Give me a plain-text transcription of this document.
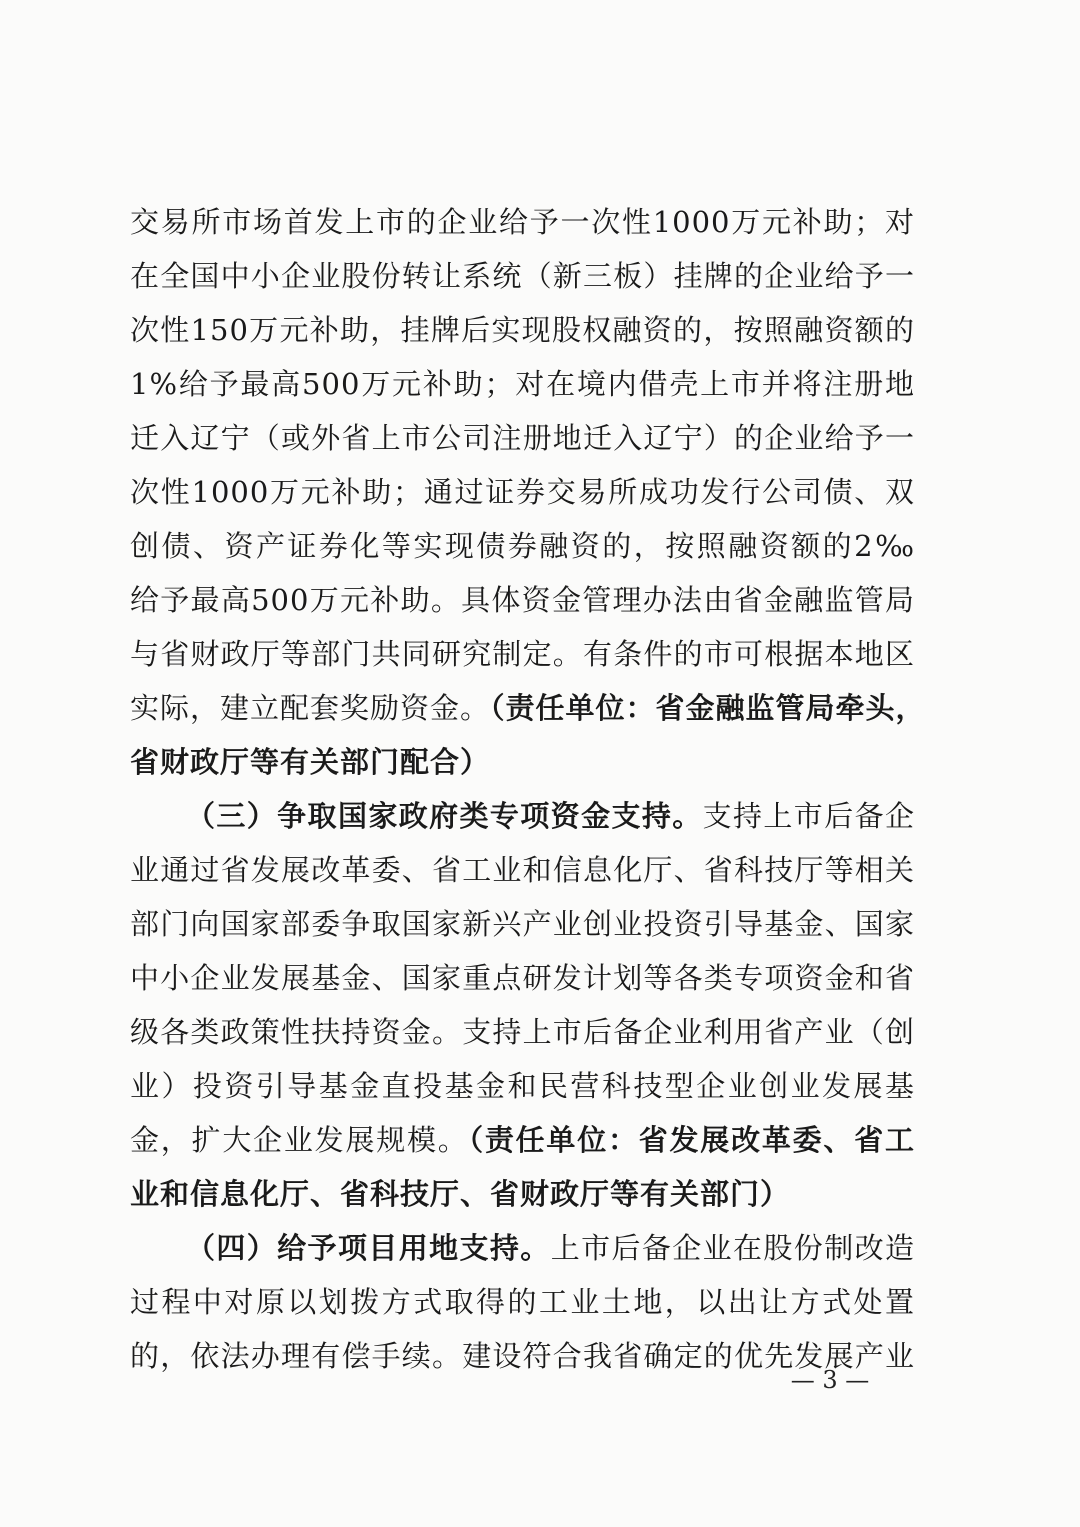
交易所市场首发上市的企业给予一次性1000万元补助；对
在全国中小企业股份转让系统（新三板）挂牌的企业给予一
次性150万元补助，挂牌后实现股权融资的，按照融资额的
1%给予最高500万元补助；对在境内借壳上市并将注册地
迁入辽宁（或外省上市公司注册地迁入辽宁）的企业给予一
次性1000万元补助；通过证券交易所成功发行公司债、双
创债、资产证券化等实现债券融资的，按照融资额的2‰
给予最高500万元补助。具体资金管理办法由省金融监管局
与省财政厅等部门共同研究制定。有条件的市可根据本地区
实际，建立配套奖励资金。（责任单位：省金融监管局牵头，
省财政厅等有关部门配合）
（三）争取国家政府类专项资金支持。支持上市后备企
业通过省发展改革委、省工业和信息化厅、省科技厅等相关
部门向国家部委争取国家新兴产业创业投资引导基金、国家
中小企业发展基金、国家重点研发计划等各类专项资金和省
级各类政策性扶持资金。支持上市后备企业利用省产业（创
业）投资引导基金直投基金和民营科技型企业创业发展基
金，扩大企业发展规模。（责任单位：省发展改革委、省工
业和信息化厅、省科技厅、省财政厅等有关部门）
（四）给予项目用地支持。上市后备企业在股份制改造
过程中对原以划拨方式取得的工业土地，以出让方式处置
的，依法办理有偿手续。建设符合我省确定的优先发展产业
— 3 —
